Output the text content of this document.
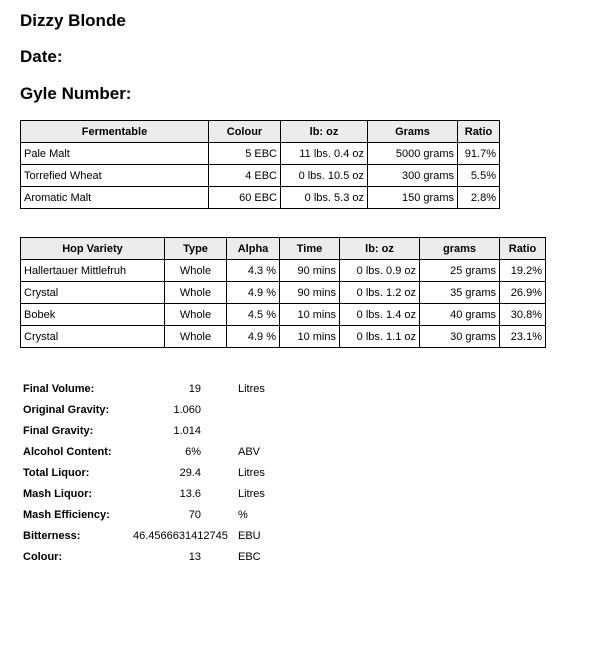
Dizzy Blonde
Date:
Gyle Number:
Fermentable	Colour	lb: oz	Grams	Ratio
Pale Malt	5 EBC	11 lbs. 0.4 oz	5000 grams	91.7%
Torrefied Wheat	4 EBC	0 lbs. 10.5 oz	300 grams	5.5%
Aromatic Malt	60 EBC	0 lbs. 5.3 oz	150 grams	2.8%
Hop Variety	Type	Alpha	Time	lb: oz	grams	Ratio
Hallertauer Mittlefruh	Whole	4.3 %	90 mins	0 lbs. 0.9 oz	25 grams	19.2%
Crystal	Whole	4.9 %	90 mins	0 lbs. 1.2 oz	35 grams	26.9%
Bobek	Whole	4.5 %	10 mins	0 lbs. 1.4 oz	40 grams	30.8%
Crystal	Whole	4.9 %	10 mins	0 lbs. 1.1 oz	30 grams	23.1%
Final Volume:	19	Litres
Original Gravity:	1.060
Final Gravity:	1.014
Alcohol Content:	6%	ABV
Total Liquor:	29.4	Litres
Mash Liquor:	13.6	Litres
Mash Efficiency:	70	%
Bitterness:	46.4566631412745 EBU
Colour:	13	EBC
